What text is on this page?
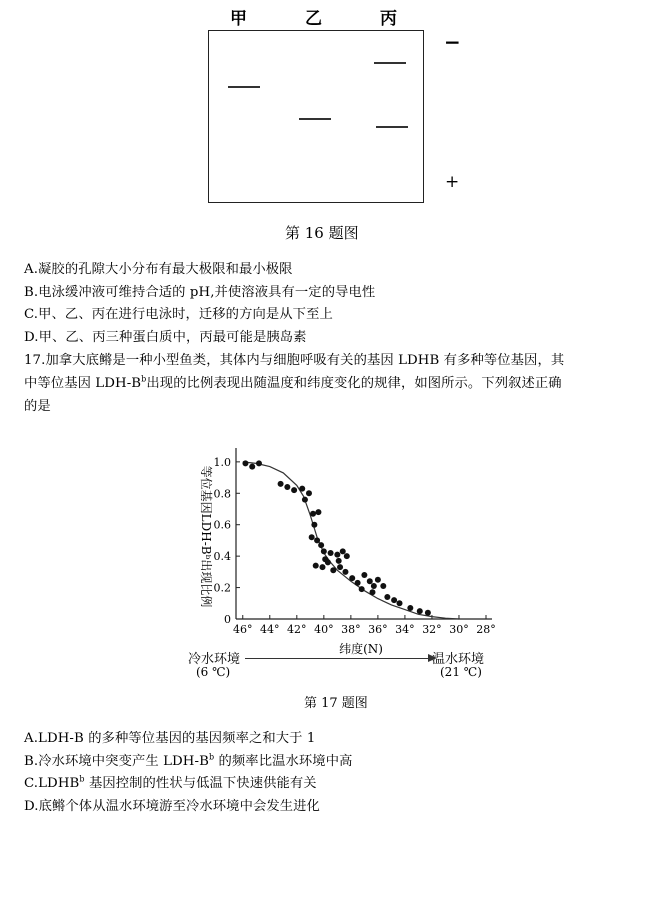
甲	乙	丙
−
+
第 16 题图
A.凝胶的孔隙大小分布有最大极限和最小极限
B.电泳缓冲液可维持合适的 pH,并使溶液具有一定的导电性
C.甲、乙、丙在进行电泳时，迁移的方向是从下至上
D.甲、乙、丙三种蛋白质中，丙最可能是胰岛素
17.加拿大底鳉是一种小型鱼类，其体内与细胞呼吸有关的基因 LDHB 有多种等位基因，其
中等位基因 LDH-$B^b$出现的比例表现出随温度和纬度变化的规律，如图所示。下列叙述正确
的是
1.0
0.8
0.6
0.4
0.2
0
46° 44° 42° 40° 38° 36° 34° 32° 30° 28°
等位基因LDH-Bᵇ出现比例
纬度(N)
冷水环境
(6 ℃)
温水环境
(21 ℃)
第 17 题图
A.LDH-B 的多种等位基因的基因频率之和大于 1
B.冷水环境中突变产生 LDH-$B^b$ 的频率比温水环境中高
C.LDHB$^b$ 基因控制的性状与低温下快速供能有关
D.底鳉个体从温水环境游至冷水环境中会发生进化
